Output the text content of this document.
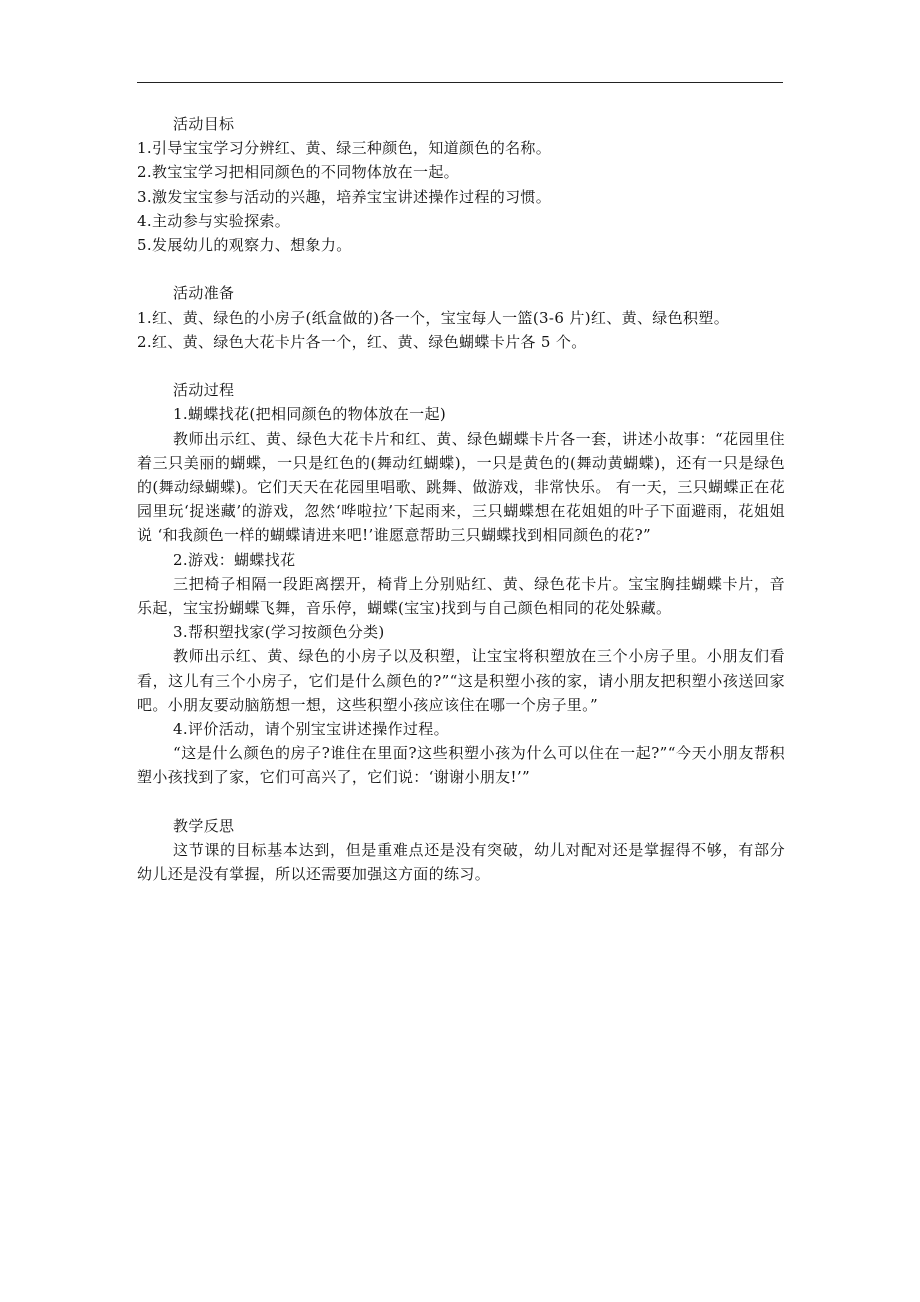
活动目标

1.引导宝宝学习分辨红、黄、绿三种颜色，知道颜色的名称。

2.教宝宝学习把相同颜色的不同物体放在一起。

3.激发宝宝参与活动的兴趣，培养宝宝讲述操作过程的习惯。

4.主动参与实验探索。

5.发展幼儿的观察力、想象力。

活动准备

1.红、黄、绿色的小房子(纸盒做的)各一个，宝宝每人一篮(3-6 片)红、黄、绿色积塑。

2.红、黄、绿色大花卡片各一个，红、黄、绿色蝴蝶卡片各 5 个。

活动过程

1.蝴蝶找花(把相同颜色的物体放在一起)

教师出示红、黄、绿色大花卡片和红、黄、绿色蝴蝶卡片各一套，讲述小故事：“花园里住着三只美丽的蝴蝶，一只是红色的(舞动红蝴蝶)，一只是黄色的(舞动黄蝴蝶)，还有一只是绿色的(舞动绿蝴蝶)。它们天天在花园里唱歌、跳舞、做游戏，非常快乐。 有一天，三只蝴蝶正在花园里玩‘捉迷藏’的游戏，忽然‘哗啦拉’下起雨来，三只蝴蝶想在花姐姐的叶子下面避雨，花姐姐说 ‘和我颜色一样的蝴蝶请进来吧!’谁愿意帮助三只蝴蝶找到相同颜色的花?”

2.游戏：蝴蝶找花

三把椅子相隔一段距离摆开，椅背上分别贴红、黄、绿色花卡片。宝宝胸挂蝴蝶卡片，音乐起，宝宝扮蝴蝶飞舞，音乐停，蝴蝶(宝宝)找到与自己颜色相同的花处躲藏。

3.帮积塑找家(学习按颜色分类)

教师出示红、黄、绿色的小房子以及积塑，让宝宝将积塑放在三个小房子里。小朋友们看看，这儿有三个小房子，它们是什么颜色的?”“这是积塑小孩的家，请小朋友把积塑小孩送回家吧。小朋友要动脑筋想一想，这些积塑小孩应该住在哪一个房子里。”

4.评价活动，请个别宝宝讲述操作过程。

“这是什么颜色的房子?谁住在里面?这些积塑小孩为什么可以住在一起?”“今天小朋友帮积塑小孩找到了家，它们可高兴了，它们说：‘谢谢小朋友!’”

教学反思

这节课的目标基本达到，但是重难点还是没有突破，幼儿对配对还是掌握得不够，有部分幼儿还是没有掌握，所以还需要加强这方面的练习。
